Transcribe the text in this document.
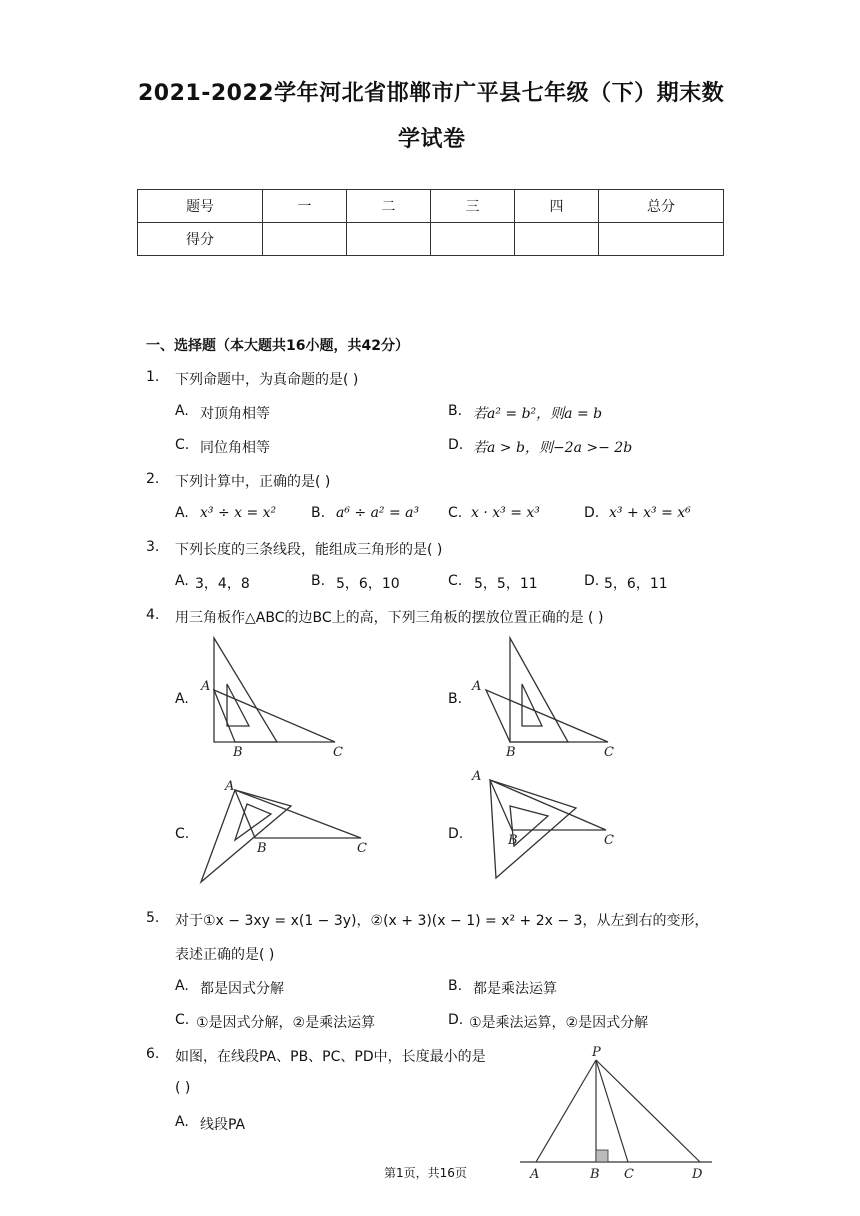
2021-2022学年河北省邯郸市广平县七年级（下）期末数
学试卷
题号	一	二	三	四	总分
得分					
一、选择题（本大题共16小题，共42分）
1. 下列命题中，为真命题的是( )
A. 对顶角相等	B. 若a² = b²，则a = b
C. 同位角相等	D. 若a > b，则−2a >− 2b
2. 下列计算中，正确的是( )
A. x³ ÷ x = x² B. a⁶ ÷ a² = a³ C. x · x³ = x³	D. x³ + x³ = x⁶
3. 下列长度的三条线段，能组成三角形的是( )
A. 3，4，8	B. 5，6，10	C. 5，5，11	D. 5，6，11
4. 用三角板作△ABC的边BC上的高，下列三角板的摆放位置正确的是 ( )
A.	B.
C.	D.
A
B	C
A
B	C
A
B	C
A
B	C
5. 对于①x − 3xy = x(1 − 3y)，②(x + 3)(x − 1) = x² + 2x − 3，从左到右的变形，
表述正确的是( )
A. 都是因式分解	B. 都是乘法运算
C. ①是因式分解，②是乘法运算	D. ①是乘法运算，②是因式分解
6. 如图，在线段PA、PB、PC、PD中，长度最小的是
( )
A. 线段PA
P
A	B C	D
第1页，共16页
